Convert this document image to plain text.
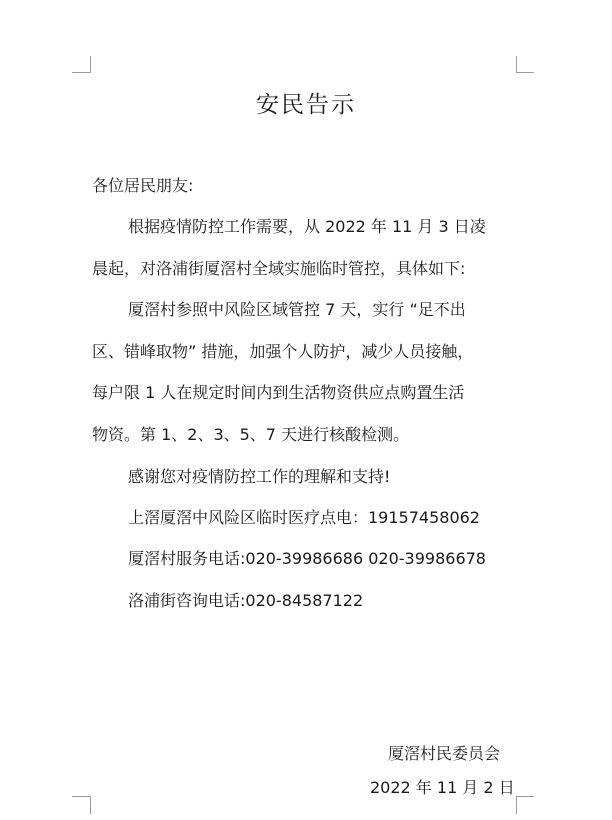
安民告示
各位居民朋友:
根据疫情防控工作需要，从 2022 年 11 月 3 日凌
晨起，对洛浦街厦滘村全域实施临时管控，具体如下:
厦滘村参照中风险区域管控 7 天，实行 “足不出
区、错峰取物” 措施，加强个人防护，减少人员接触，
每户限 1 人在规定时间内到生活物资供应点购置生活
物资。第 1、2、3、5、7 天进行核酸检测。
感谢您对疫情防控工作的理解和支持!
上滘厦滘中风险区临时医疗点电：19157458062
厦滘村服务电话:020-39986686 020-39986678
洛浦街咨询电话:020-84587122
厦滘村民委员会
2022 年 11 月 2 日
